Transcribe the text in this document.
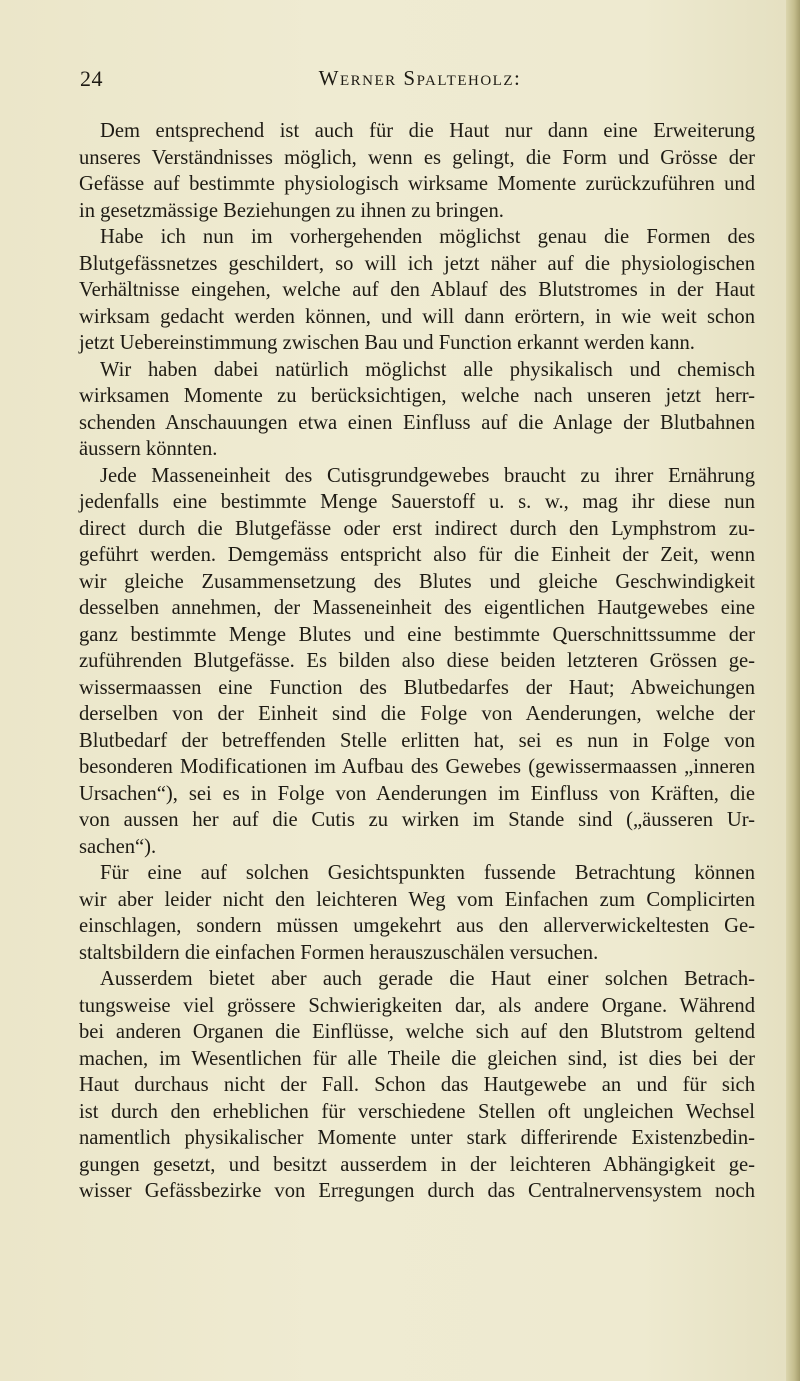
24	Werner Spalteholz:
Dem entsprechend ist auch für die Haut nur dann eine Erweiterung
unseres Verständnisses möglich, wenn es gelingt, die Form und Grösse der
Gefässe auf bestimmte physiologisch wirksame Momente zurückzuführen und
in gesetzmässige Beziehungen zu ihnen zu bringen.
Habe ich nun im vorhergehenden möglichst genau die Formen des
Blutgefässnetzes geschildert, so will ich jetzt näher auf die physiologischen
Verhältnisse eingehen, welche auf den Ablauf des Blutstromes in der Haut
wirksam gedacht werden können, und will dann erörtern, in wie weit schon
jetzt Uebereinstimmung zwischen Bau und Function erkannt werden kann.
Wir haben dabei natürlich möglichst alle physikalisch und chemisch
wirksamen Momente zu berücksichtigen, welche nach unseren jetzt herr-
schenden Anschauungen etwa einen Einfluss auf die Anlage der Blutbahnen
äussern könnten.
Jede Masseneinheit des Cutisgrundgewebes braucht zu ihrer Ernährung
jedenfalls eine bestimmte Menge Sauerstoff u. s. w., mag ihr diese nun
direct durch die Blutgefässe oder erst indirect durch den Lymphstrom zu-
geführt werden. Demgemäss entspricht also für die Einheit der Zeit, wenn
wir gleiche Zusammensetzung des Blutes und gleiche Geschwindigkeit
desselben annehmen, der Masseneinheit des eigentlichen Hautgewebes eine
ganz bestimmte Menge Blutes und eine bestimmte Querschnittssumme der
zuführenden Blutgefässe. Es bilden also diese beiden letzteren Grössen ge-
wissermaassen eine Function des Blutbedarfes der Haut; Abweichungen
derselben von der Einheit sind die Folge von Aenderungen, welche der
Blutbedarf der betreffenden Stelle erlitten hat, sei es nun in Folge von
besonderen Modificationen im Aufbau des Gewebes (gewissermaassen „inneren
Ursachen“), sei es in Folge von Aenderungen im Einfluss von Kräften, die
von aussen her auf die Cutis zu wirken im Stande sind („äusseren Ur-
sachen“).
Für eine auf solchen Gesichtspunkten fussende Betrachtung können
wir aber leider nicht den leichteren Weg vom Einfachen zum Complicirten
einschlagen, sondern müssen umgekehrt aus den allerverwickeltesten Ge-
staltsbildern die einfachen Formen herauszuschälen versuchen.
Ausserdem bietet aber auch gerade die Haut einer solchen Betrach-
tungsweise viel grössere Schwierigkeiten dar, als andere Organe. Während
bei anderen Organen die Einflüsse, welche sich auf den Blutstrom geltend
machen, im Wesentlichen für alle Theile die gleichen sind, ist dies bei der
Haut durchaus nicht der Fall. Schon das Hautgewebe an und für sich
ist durch den erheblichen für verschiedene Stellen oft ungleichen Wechsel
namentlich physikalischer Momente unter stark differirende Existenzbedin-
gungen gesetzt, und besitzt ausserdem in der leichteren Abhängigkeit ge-
wisser Gefässbezirke von Erregungen durch das Centralnervensystem noch
